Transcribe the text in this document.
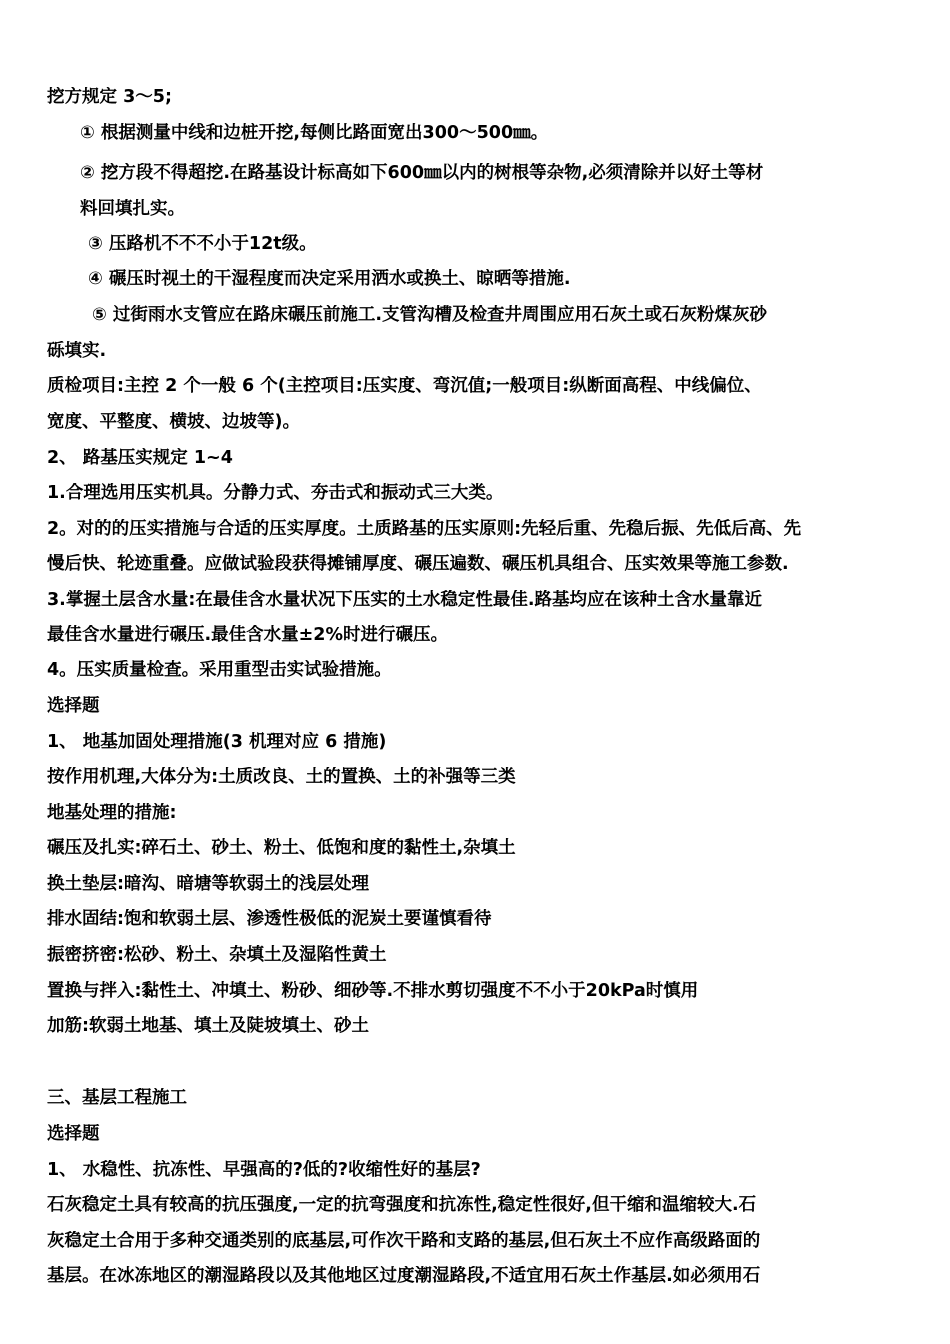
挖方规定 3～5;
① 根据测量中线和边桩开挖,每侧比路面宽出300～500㎜。
② 挖方段不得超挖.在路基设计标高如下600㎜以内的树根等杂物,必须清除并以好土等材
料回填扎实。
③ 压路机不不不小于12t级。
④ 碾压时视土的干湿程度而决定采用洒水或换土、晾晒等措施.
⑤ 过街雨水支管应在路床碾压前施工.支管沟槽及检查井周围应用石灰土或石灰粉煤灰砂
砾填实.
质检项目:主控 2 个一般 6 个(主控项目:压实度、弯沉值;一般项目:纵断面高程、中线偏位、
宽度、平整度、横坡、边坡等)。
2、 路基压实规定 1~4
1.合理选用压实机具。分静力式、夯击式和振动式三大类。
2。对的的压实措施与合适的压实厚度。土质路基的压实原则:先轻后重、先稳后振、先低后高、先
慢后快、轮迹重叠。应做试验段获得摊铺厚度、碾压遍数、碾压机具组合、压实效果等施工参数.
3.掌握土层含水量:在最佳含水量状况下压实的土水稳定性最佳.路基均应在该种土含水量靠近
最佳含水量进行碾压.最佳含水量±2%时进行碾压。
4。压实质量检查。采用重型击实试验措施。
选择题
1、 地基加固处理措施(3 机理对应 6 措施)
按作用机理,大体分为:土质改良、土的置换、土的补强等三类
地基处理的措施:
碾压及扎实:碎石土、砂土、粉土、低饱和度的黏性土,杂填土
换土垫层:暗沟、暗塘等软弱土的浅层处理
排水固结:饱和软弱土层、渗透性极低的泥炭土要谨慎看待
振密挤密:松砂、粉土、杂填土及湿陷性黄土
置换与拌入:黏性土、冲填土、粉砂、细砂等.不排水剪切强度不不小于20kPa时慎用
加筋:软弱土地基、填土及陡坡填土、砂土
三、基层工程施工
选择题
1、 水稳性、抗冻性、早强高的?低的?收缩性好的基层?
石灰稳定土具有较高的抗压强度,一定的抗弯强度和抗冻性,稳定性很好,但干缩和温缩较大.石
灰稳定土合用于多种交通类别的底基层,可作次干路和支路的基层,但石灰土不应作高级路面的
基层。在冰冻地区的潮湿路段以及其他地区过度潮湿路段,不适宜用石灰土作基层.如必须用石
